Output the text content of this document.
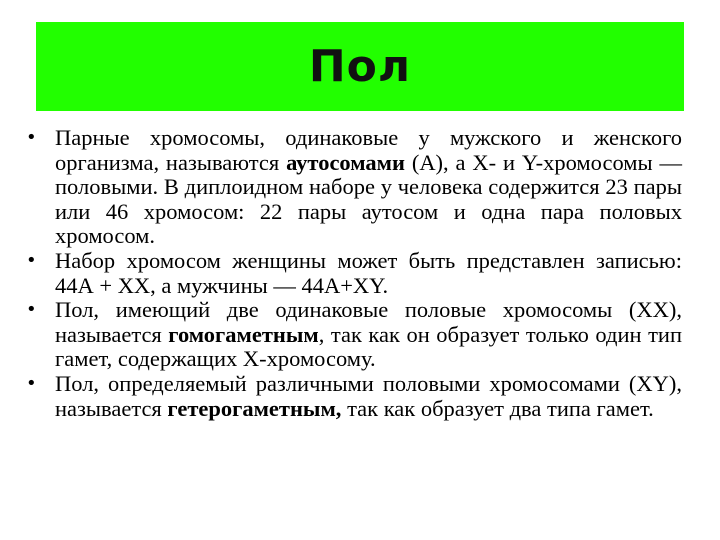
Пол
• Парные хромосомы, одинаковые у мужского и женского организма, называются аутосомами (А), а X- и Y-хромосомы — половыми. В диплоидном наборе у человека содержится 23 пары или 46 хромосом: 22 пары аутосом и одна пара половых хромосом.
• Набор хромосом женщины может быть представлен записью: 44А + XX, а мужчины — 44А+XY.
• Пол, имеющий две одинаковые половые хромосомы (XX), называется гомогаметным, так как он образует только один тип гамет, содержащих X-хромосому.
• Пол, определяемый различными половыми хромосомами (XY), называется гетерогаметным, так как образует два типа гамет.
